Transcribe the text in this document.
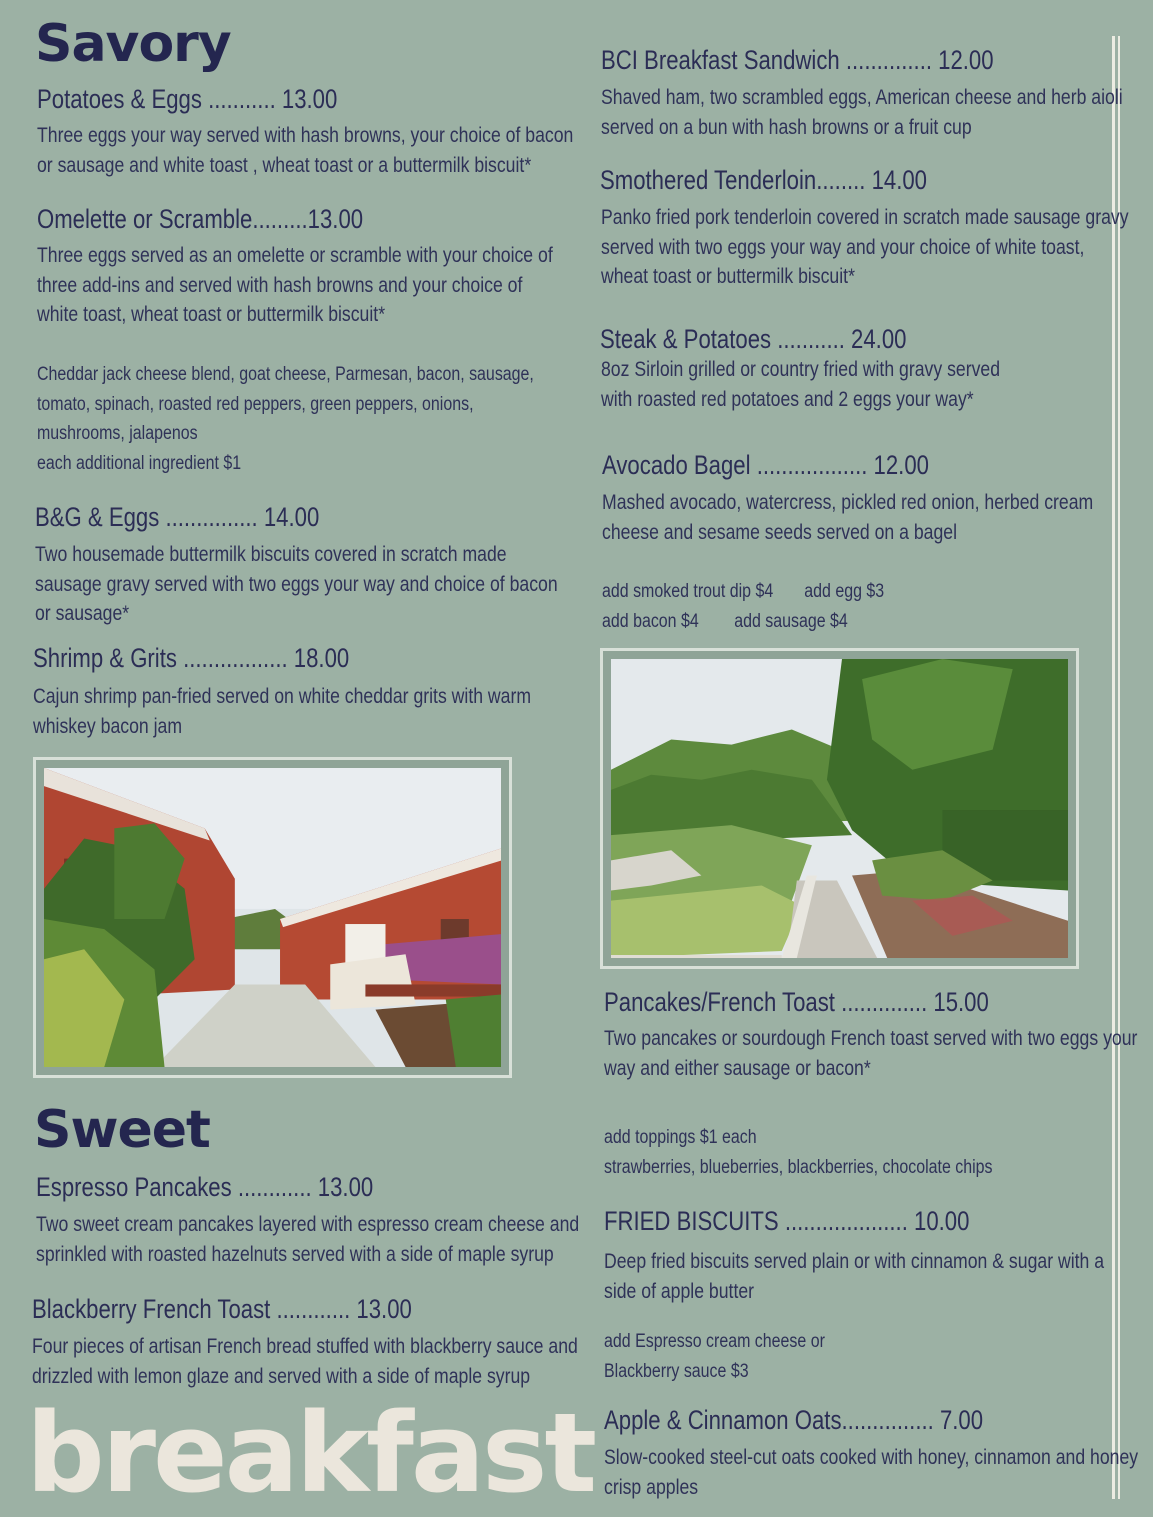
Savory
Potatoes & Eggs ........... 13.00
Three eggs your way served with hash browns, your choice of bacon
or sausage and white toast , wheat toast or a buttermilk biscuit*
Omelette or Scramble.........13.00
Three eggs served as an omelette or scramble with your choice of
three add-ins and served with hash browns and your choice of
white toast, wheat toast or buttermilk biscuit*
Cheddar jack cheese blend, goat cheese, Parmesan, bacon, sausage,
tomato, spinach, roasted red peppers, green peppers, onions,
mushrooms, jalapenos
each additional ingredient $1
B&G & Eggs ............... 14.00
Two housemade buttermilk biscuits covered in scratch made
sausage gravy served with two eggs your way and choice of bacon
or sausage*
Shrimp & Grits ................. 18.00
Cajun shrimp pan-fried served on white cheddar grits with warm
whiskey bacon jam
Sweet
Espresso Pancakes ............ 13.00
Two sweet cream pancakes layered with espresso cream cheese and
sprinkled with roasted hazelnuts served with a side of maple syrup
Blackberry French Toast ............ 13.00
Four pieces of artisan French bread stuffed with blackberry sauce and
drizzled with lemon glaze and served with a side of maple syrup
breakfast
BCI Breakfast Sandwich .............. 12.00
Shaved ham, two scrambled eggs, American cheese and herb aioli
served on a bun with hash browns or a fruit cup
Smothered Tenderloin........ 14.00
Panko fried pork tenderloin covered in scratch made sausage gravy
served with two eggs your way and your choice of white toast,
wheat toast or buttermilk biscuit*
Steak & Potatoes ........... 24.00
8oz Sirloin grilled or country fried with gravy served
with roasted red potatoes and 2 eggs your way*
Avocado Bagel .................. 12.00
Mashed avocado, watercress, pickled red onion, herbed cream
cheese and sesame seeds served on a bagel
add smoked trout dip $4       add egg $3
add bacon $4        add sausage $4
Pancakes/French Toast .............. 15.00
Two pancakes or sourdough French toast served with two eggs your
way and either sausage or bacon*
add toppings $1 each
strawberries, blueberries, blackberries, chocolate chips
FRIED BISCUITS .................... 10.00
Deep fried biscuits served plain or with cinnamon & sugar with a
side of apple butter
add Espresso cream cheese or
Blackberry sauce $3
Apple & Cinnamon Oats............... 7.00
Slow-cooked steel-cut oats cooked with honey, cinnamon and honey
crisp apples
